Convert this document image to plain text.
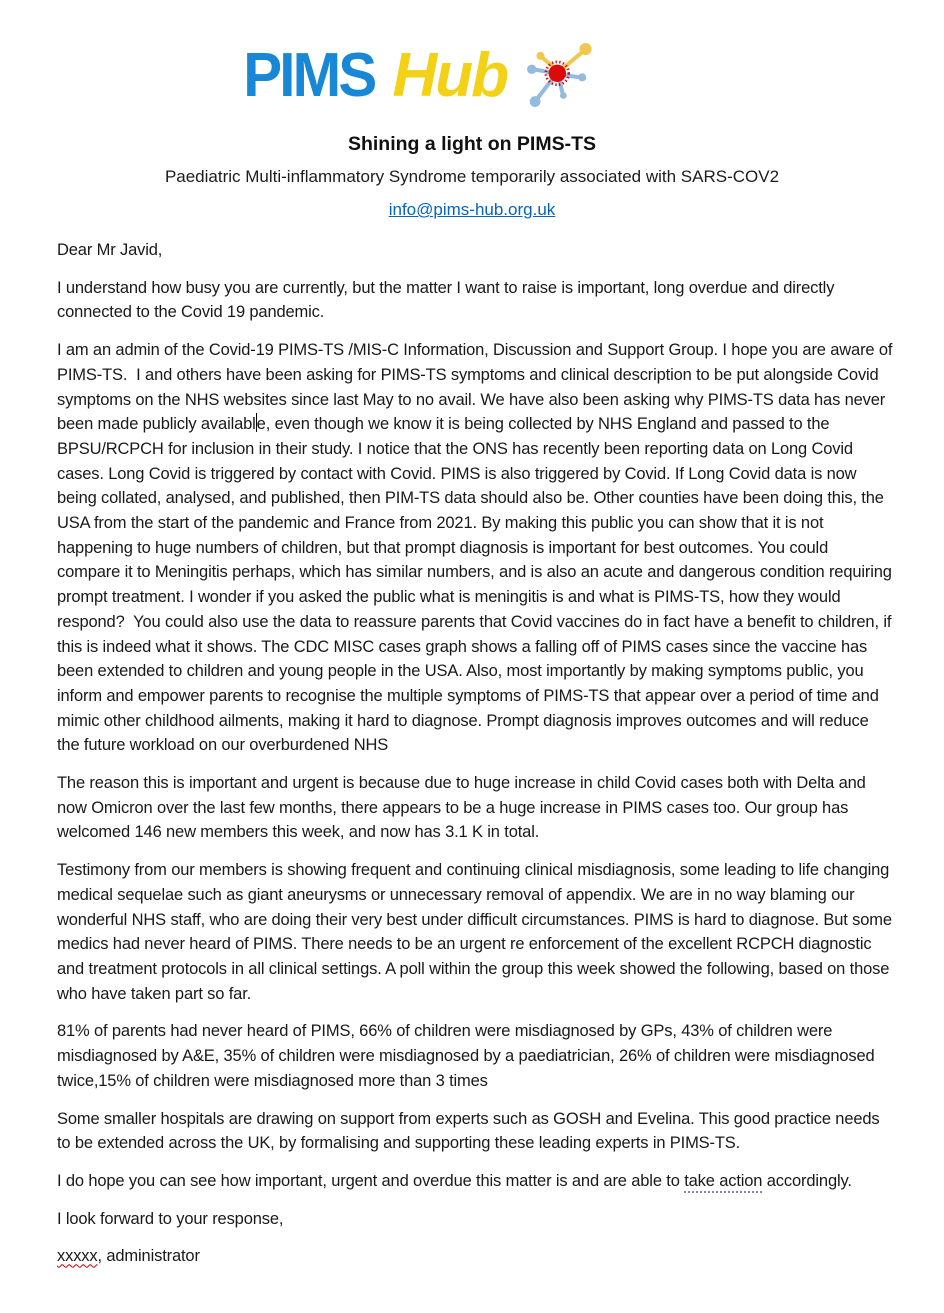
PIMS Hub
Shining a light on PIMS-TS

Paediatric Multi-inflammatory Syndrome temporarily associated with SARS-COV2

info@pims-hub.org.uk

Dear Mr Javid,

I understand how busy you are currently, but the matter I want to raise is important, long overdue and directly connected to the Covid 19 pandemic.

I am an admin of the Covid-19 PIMS-TS /MIS-C Information, Discussion and Support Group. I hope you are aware of PIMS-TS.  I and others have been asking for PIMS-TS symptoms and clinical description to be put alongside Covid symptoms on the NHS websites since last May to no avail. We have also been asking why PIMS-TS data has never been made publicly available, even though we know it is being collected by NHS England and passed to the BPSU/RCPCH for inclusion in their study. I notice that the ONS has recently been reporting data on Long Covid cases. Long Covid is triggered by contact with Covid. PIMS is also triggered by Covid. If Long Covid data is now being collated, analysed, and published, then PIM-TS data should also be. Other counties have been doing this, the USA from the start of the pandemic and France from 2021. By making this public you can show that it is not happening to huge numbers of children, but that prompt diagnosis is important for best outcomes. You could compare it to Meningitis perhaps, which has similar numbers, and is also an acute and dangerous condition requiring prompt treatment. I wonder if you asked the public what is meningitis is and what is PIMS-TS, how they would respond?  You could also use the data to reassure parents that Covid vaccines do in fact have a benefit to children, if this is indeed what it shows. The CDC MISC cases graph shows a falling off of PIMS cases since the vaccine has been extended to children and young people in the USA. Also, most importantly by making symptoms public, you inform and empower parents to recognise the multiple symptoms of PIMS-TS that appear over a period of time and mimic other childhood ailments, making it hard to diagnose. Prompt diagnosis improves outcomes and will reduce the future workload on our overburdened NHS

The reason this is important and urgent is because due to huge increase in child Covid cases both with Delta and now Omicron over the last few months, there appears to be a huge increase in PIMS cases too. Our group has welcomed 146 new members this week, and now has 3.1 K in total.

Testimony from our members is showing frequent and continuing clinical misdiagnosis, some leading to life changing medical sequelae such as giant aneurysms or unnecessary removal of appendix. We are in no way blaming our wonderful NHS staff, who are doing their very best under difficult circumstances. PIMS is hard to diagnose. But some medics had never heard of PIMS. There needs to be an urgent re enforcement of the excellent RCPCH diagnostic and treatment protocols in all clinical settings. A poll within the group this week showed the following, based on those who have taken part so far.

81% of parents had never heard of PIMS, 66% of children were misdiagnosed by GPs, 43% of children were misdiagnosed by A&E, 35% of children were misdiagnosed by a paediatrician, 26% of children were misdiagnosed twice,15% of children were misdiagnosed more than 3 times

Some smaller hospitals are drawing on support from experts such as GOSH and Evelina. This good practice needs to be extended across the UK, by formalising and supporting these leading experts in PIMS-TS.

I do hope you can see how important, urgent and overdue this matter is and are able to take action accordingly.

I look forward to your response,

xxxxx, administrator
